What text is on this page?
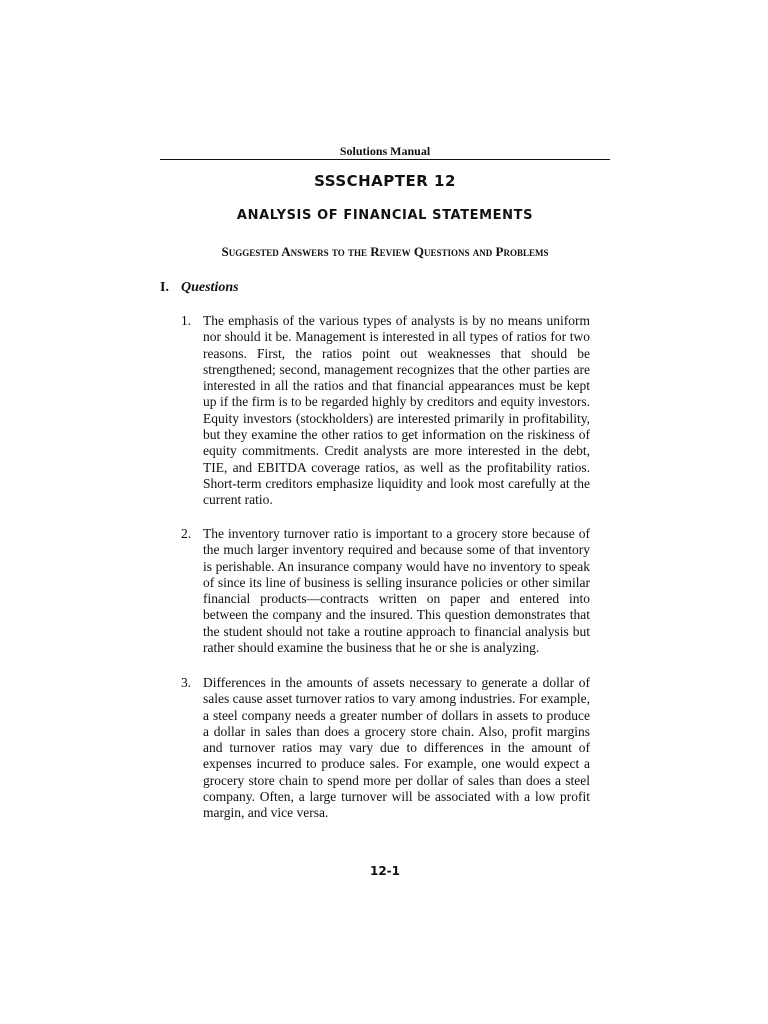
Solutions Manual
SSSCHAPTER 12
ANALYSIS OF FINANCIAL STATEMENTS
Suggested Answers to the Review Questions and Problems
I. Questions
1. The emphasis of the various types of analysts is by no means uniform nor should it be. Management is interested in all types of ratios for two reasons. First, the ratios point out weaknesses that should be strengthened; second, management recognizes that the other parties are interested in all the ratios and that financial appearances must be kept up if the firm is to be regarded highly by creditors and equity investors. Equity investors (stockholders) are interested primarily in profitability, but they examine the other ratios to get information on the riskiness of equity commitments. Credit analysts are more interested in the debt, TIE, and EBITDA coverage ratios, as well as the profitability ratios. Short-term creditors emphasize liquidity and look most carefully at the current ratio.
2. The inventory turnover ratio is important to a grocery store because of the much larger inventory required and because some of that inventory is perishable. An insurance company would have no inventory to speak of since its line of business is selling insurance policies or other similar financial products—contracts written on paper and entered into between the company and the insured. This question demonstrates that the student should not take a routine approach to financial analysis but rather should examine the business that he or she is analyzing.
3. Differences in the amounts of assets necessary to generate a dollar of sales cause asset turnover ratios to vary among industries. For example, a steel company needs a greater number of dollars in assets to produce a dollar in sales than does a grocery store chain. Also, profit margins and turnover ratios may vary due to differences in the amount of expenses incurred to produce sales. For example, one would expect a grocery store chain to spend more per dollar of sales than does a steel company. Often, a large turnover will be associated with a low profit margin, and vice versa.
12-1
